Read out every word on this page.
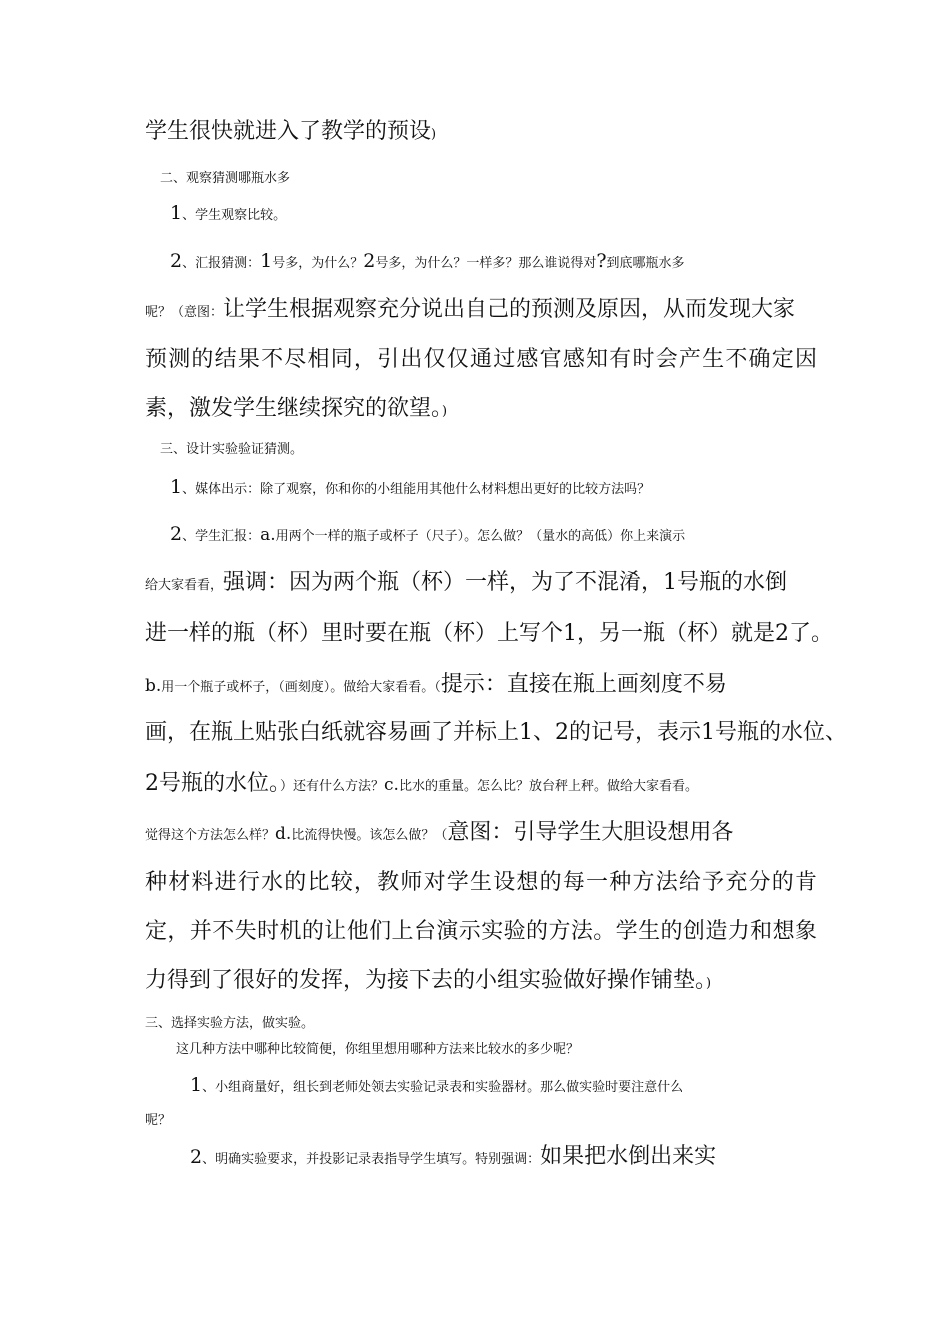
学生很快就进入了教学的预设)
二、观察猜测哪瓶水多
1、学生观察比较。
2、汇报猜测：1号多，为什么？2号多，为什么？一样多？那么谁说得对?到底哪瓶水多
呢？（意图：让学生根据观察充分说出自己的预测及原因，从而发现大家
预测的结果不尽相同，引出仅仅通过感官感知有时会产生不确定因
素，激发学生继续探究的欲望。)
三、设计实验验证猜测。
1、媒体出示：除了观察，你和你的小组能用其他什么材料想出更好的比较方法吗？
2、学生汇报：a.用两个一样的瓶子或杯子（尺子）。怎么做？（量水的高低）你上来演示
给大家看看，强调：因为两个瓶（杯）一样，为了不混淆，1号瓶的水倒
进一样的瓶（杯）里时要在瓶（杯）上写个1，另一瓶（杯）就是2了。
b.用一个瓶子或杯子，（画刻度）。做给大家看看。（提示：直接在瓶上画刻度不易
画，在瓶上贴张白纸就容易画了并标上1、2的记号，表示1号瓶的水位、
2号瓶的水位。）还有什么方法？c.比水的重量。怎么比？放台秤上秤。做给大家看看。
觉得这个方法怎么样？d.比流得快慢。该怎么做？（意图：引导学生大胆设想用各
种材料进行水的比较，教师对学生设想的每一种方法给予充分的肯
定，并不失时机的让他们上台演示实验的方法。学生的创造力和想象
力得到了很好的发挥，为接下去的小组实验做好操作铺垫。)
三、选择实验方法，做实验。
这几种方法中哪种比较简便，你组里想用哪种方法来比较水的多少呢？
1、小组商量好，组长到老师处领去实验记录表和实验器材。那么做实验时要注意什么
呢？
2、明确实验要求，并投影记录表指导学生填写。特别强调：如果把水倒出来实
